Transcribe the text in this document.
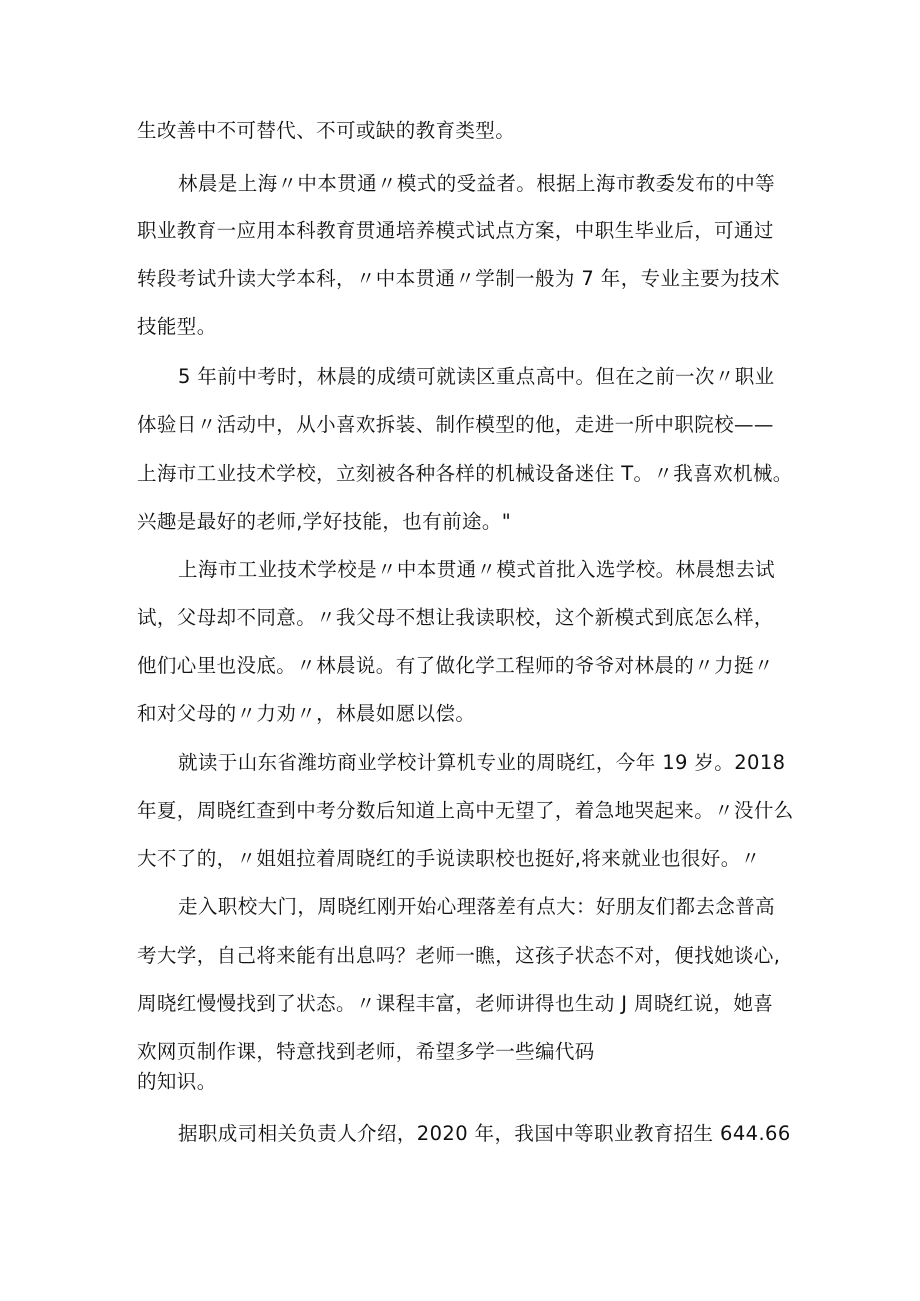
生改善中不可替代、不可或缺的教育类型。
林晨是上海〃中本贯通〃模式的受益者。根据上海市教委发布的中等
职业教育一应用本科教育贯通培养模式试点方案，中职生毕业后，可通过
转段考试升读大学本科，〃中本贯通〃学制一般为 7 年，专业主要为技术
技能型。
5 年前中考时，林晨的成绩可就读区重点高中。但在之前一次〃职业
体验日〃活动中，从小喜欢拆装、制作模型的他，走进一所中职院校——
上海市工业技术学校，立刻被各种各样的机械设备迷住 T。〃我喜欢机械。
兴趣是最好的老师,学好技能，也有前途。"
上海市工业技术学校是〃中本贯通〃模式首批入选学校。林晨想去试
试，父母却不同意。〃我父母不想让我读职校，这个新模式到底怎么样，
他们心里也没底。〃林晨说。有了做化学工程师的爷爷对林晨的〃力挺〃
和对父母的〃力劝〃，林晨如愿以偿。
就读于山东省潍坊商业学校计算机专业的周晓红，今年 19 岁。2018
年夏，周晓红查到中考分数后知道上高中无望了，着急地哭起来。〃没什么
大不了的，〃姐姐拉着周晓红的手说读职校也挺好,将来就业也很好。〃
走入职校大门，周晓红刚开始心理落差有点大：好朋友们都去念普高
考大学，自己将来能有出息吗？老师一瞧，这孩子状态不对，便找她谈心,
周晓红慢慢找到了状态。〃课程丰富，老师讲得也生动 J 周晓红说，她喜
欢网页制作课，特意找到老师，希望多学一些编代码
的知识。
据职成司相关负责人介绍，2020 年，我国中等职业教育招生 644.66
